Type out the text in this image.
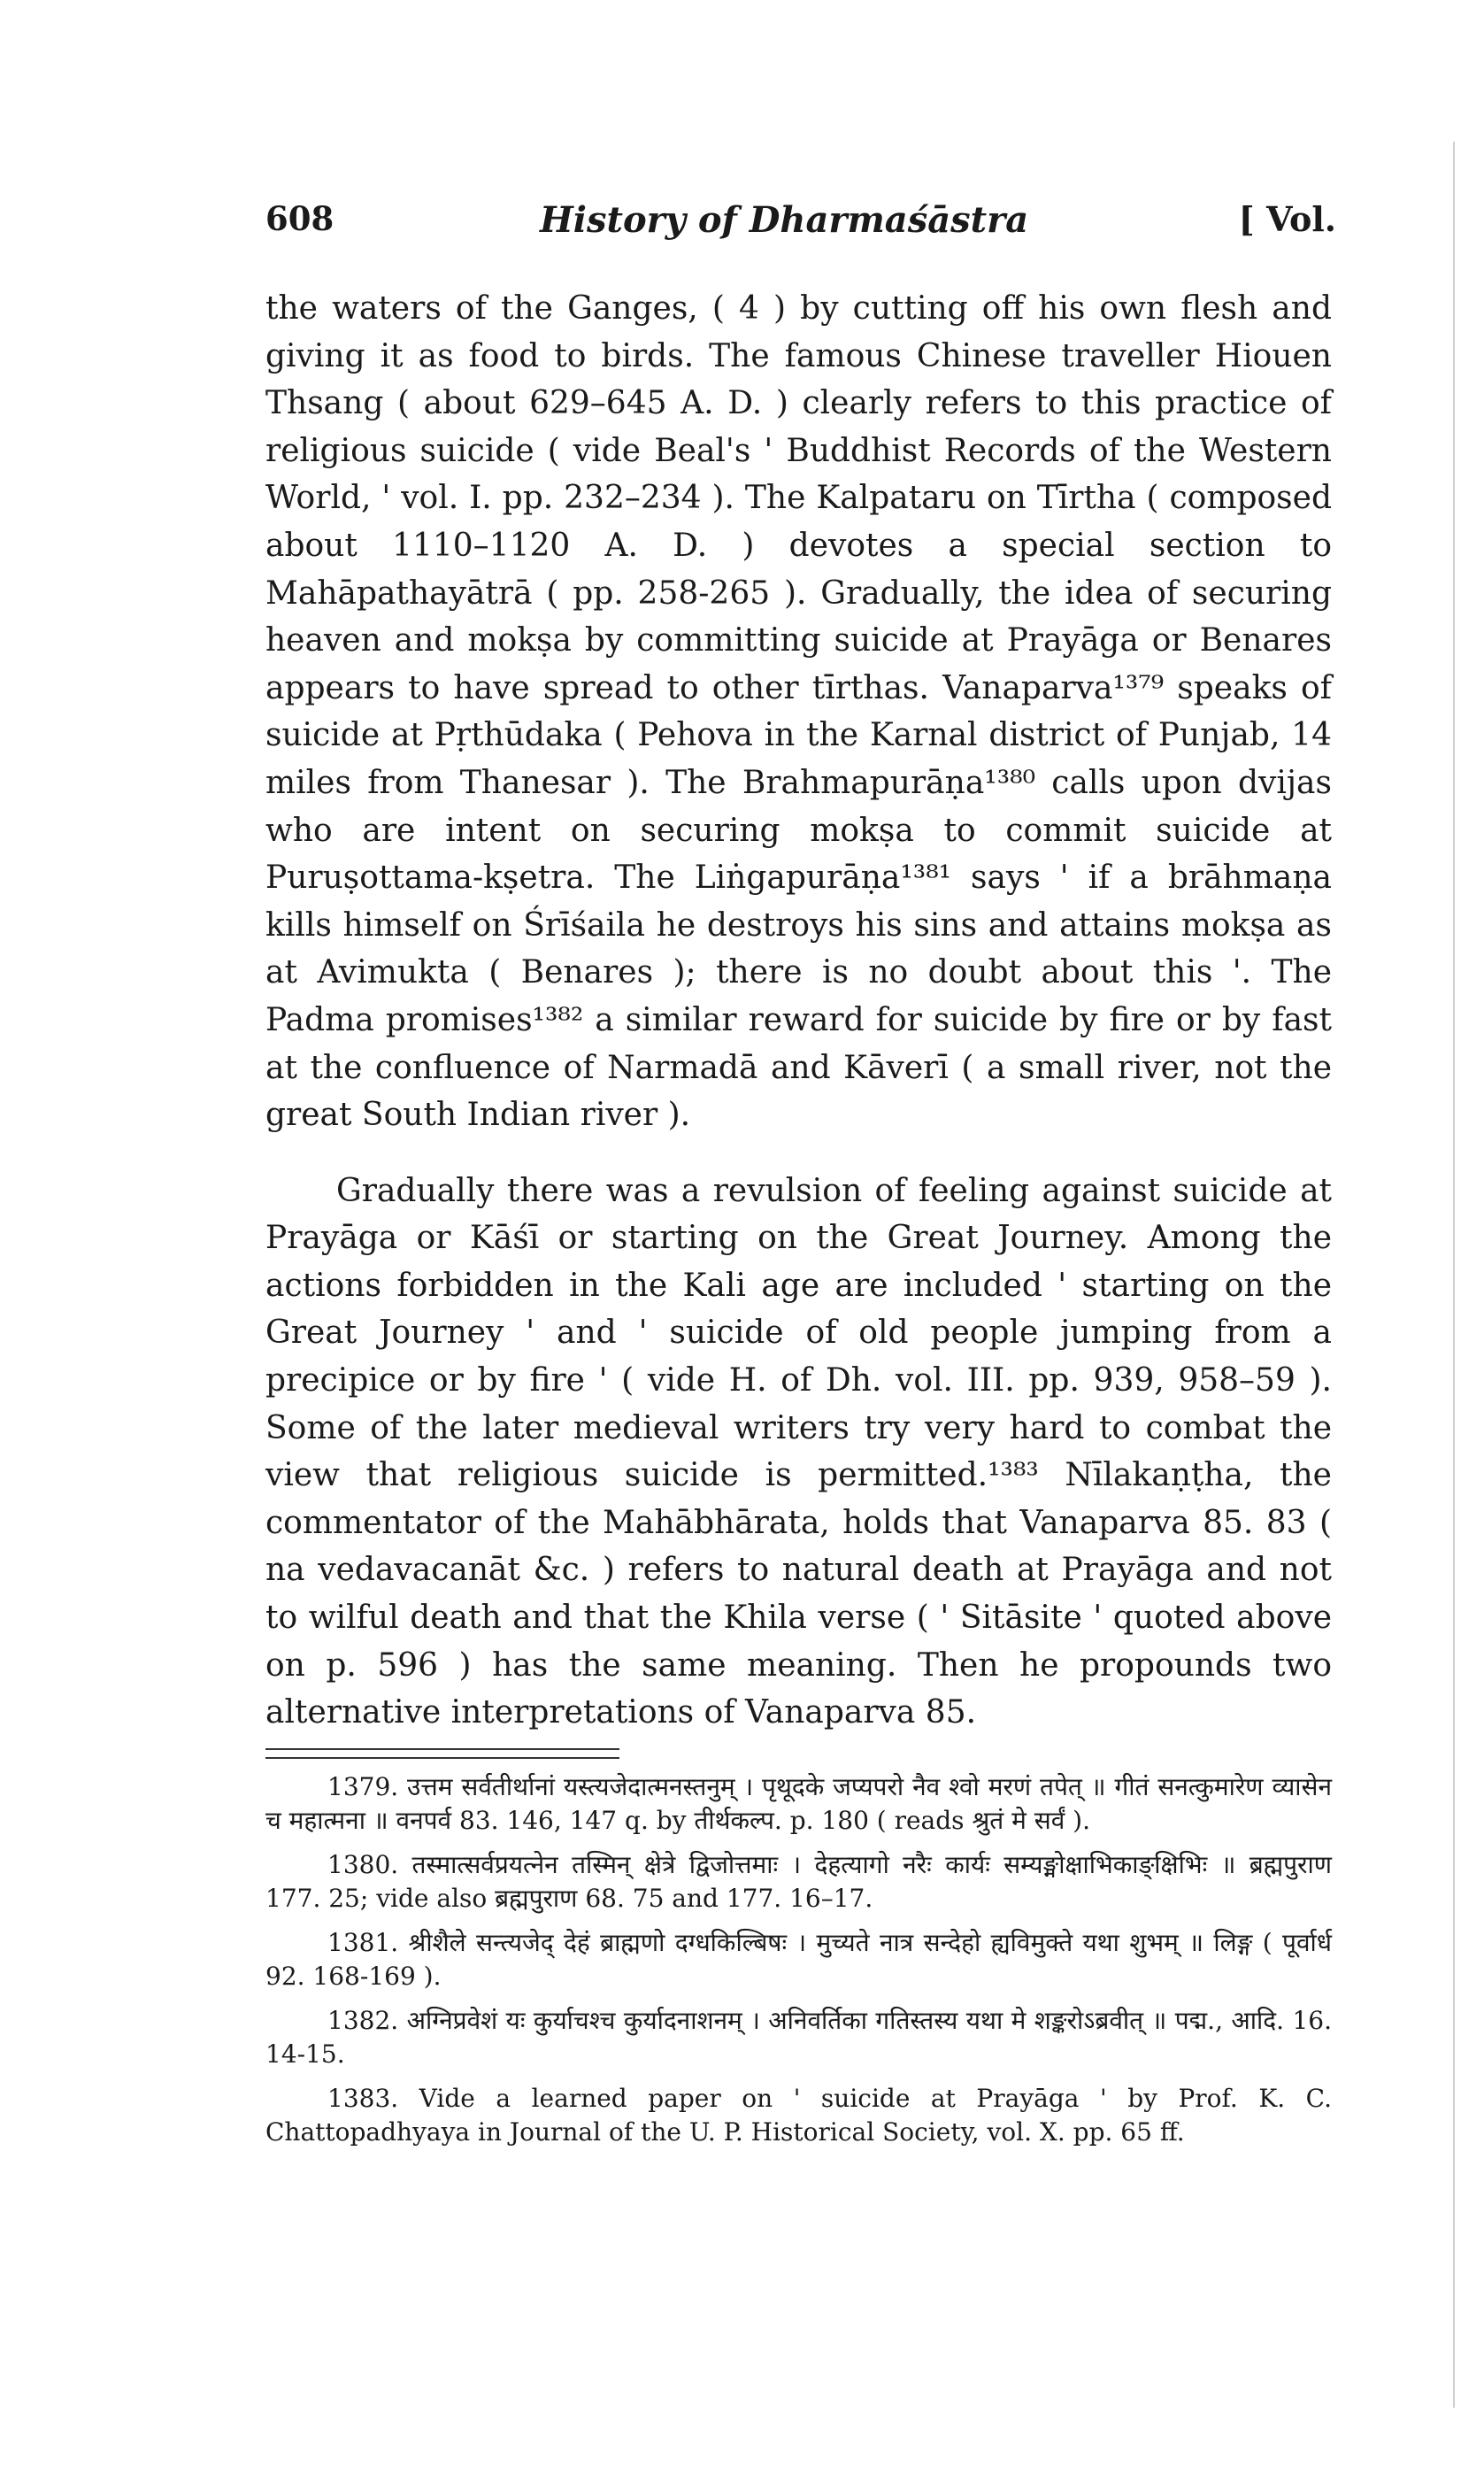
608	History of Dharmaśāstra	[ Vol.

the waters of the Ganges, ( 4 ) by cutting off his own flesh and giving it as food to birds. The famous Chinese traveller Hiouen Thsang ( about 629–645 A. D. ) clearly refers to this practice of religious suicide ( vide Beal's ' Buddhist Records of the Western World, ' vol. I. pp. 232–234 ). The Kalpataru on Tīrtha ( composed about 1110–1120 A. D. ) devotes a special section to Mahāpathayātrā ( pp. 258-265 ). Gradually, the idea of securing heaven and mokṣa by committing suicide at Prayāga or Benares appears to have spread to other tīrthas. Vanaparva¹³⁷⁹ speaks of suicide at Pṛthūdaka ( Pehova in the Karnal district of Punjab, 14 miles from Thanesar ). The Brahmapurāṇa¹³⁸⁰ calls upon dvijas who are intent on securing mokṣa to commit suicide at Puruṣottama-kṣetra. The Liṅgapurāṇa¹³⁸¹ says ' if a brāhmaṇa kills himself on Śrīśaila he destroys his sins and attains mokṣa as at Avimukta ( Benares ); there is no doubt about this '. The Padma promises¹³⁸² a similar reward for suicide by fire or by fast at the confluence of Narmadā and Kāverī ( a small river, not the great South Indian river ).

Gradually there was a revulsion of feeling against suicide at Prayāga or Kāśī or starting on the Great Journey. Among the actions forbidden in the Kali age are included ' starting on the Great Journey ' and ' suicide of old people jumping from a precipice or by fire ' ( vide H. of Dh. vol. III. pp. 939, 958–59 ). Some of the later medieval writers try very hard to combat the view that religious suicide is permitted.¹³⁸³ Nīlakaṇṭha, the commentator of the Mahābhārata, holds that Vanaparva 85. 83 ( na vedavacanāt &c. ) refers to natural death at Prayāga and not to wilful death and that the Khila verse ( ' Sitāsite ' quoted above on p. 596 ) has the same meaning. Then he propounds two alternative interpretations of Vanaparva 85.

1379. उत्तम सर्वतीर्थानां यस्त्यजेदात्मनस्तनुम् । पृथूदके जप्यपरो नैव श्वो मरणं तपेत् ॥ गीतं सनत्कुमारेण व्यासेन च महात्मना ॥ वनपर्व 83. 146, 147 q. by तीर्थकल्प. p. 180 ( reads श्रुतं मे सर्वं ).

1380. तस्मात्सर्वप्रयत्नेन तस्मिन् क्षेत्रे द्विजोत्तमाः । देहत्यागो नरैः कार्यः सम्यङ्मोक्षाभिकाङ्क्षिभिः ॥ ब्रह्मपुराण 177. 25; vide also ब्रह्मपुराण 68. 75 and 177. 16–17.

1381. श्रीशैले सन्त्यजेद् देहं ब्राह्मणो दग्धकिल्बिषः । मुच्यते नात्र सन्देहो ह्यविमुक्ते यथा शुभम् ॥ लिङ्ग ( पूर्वार्ध 92. 168-169 ).

1382. अग्निप्रवेशं यः कुर्याचश्च कुर्यादनाशनम् । अनिवर्तिका गतिस्तस्य यथा मे शङ्करोऽब्रवीत् ॥ पद्म., आदि. 16. 14-15.

1383. Vide a learned paper on ' suicide at Prayāga ' by Prof. K. C. Chattopadhyaya in Journal of the U. P. Historical Society, vol. X. pp. 65 ff.
